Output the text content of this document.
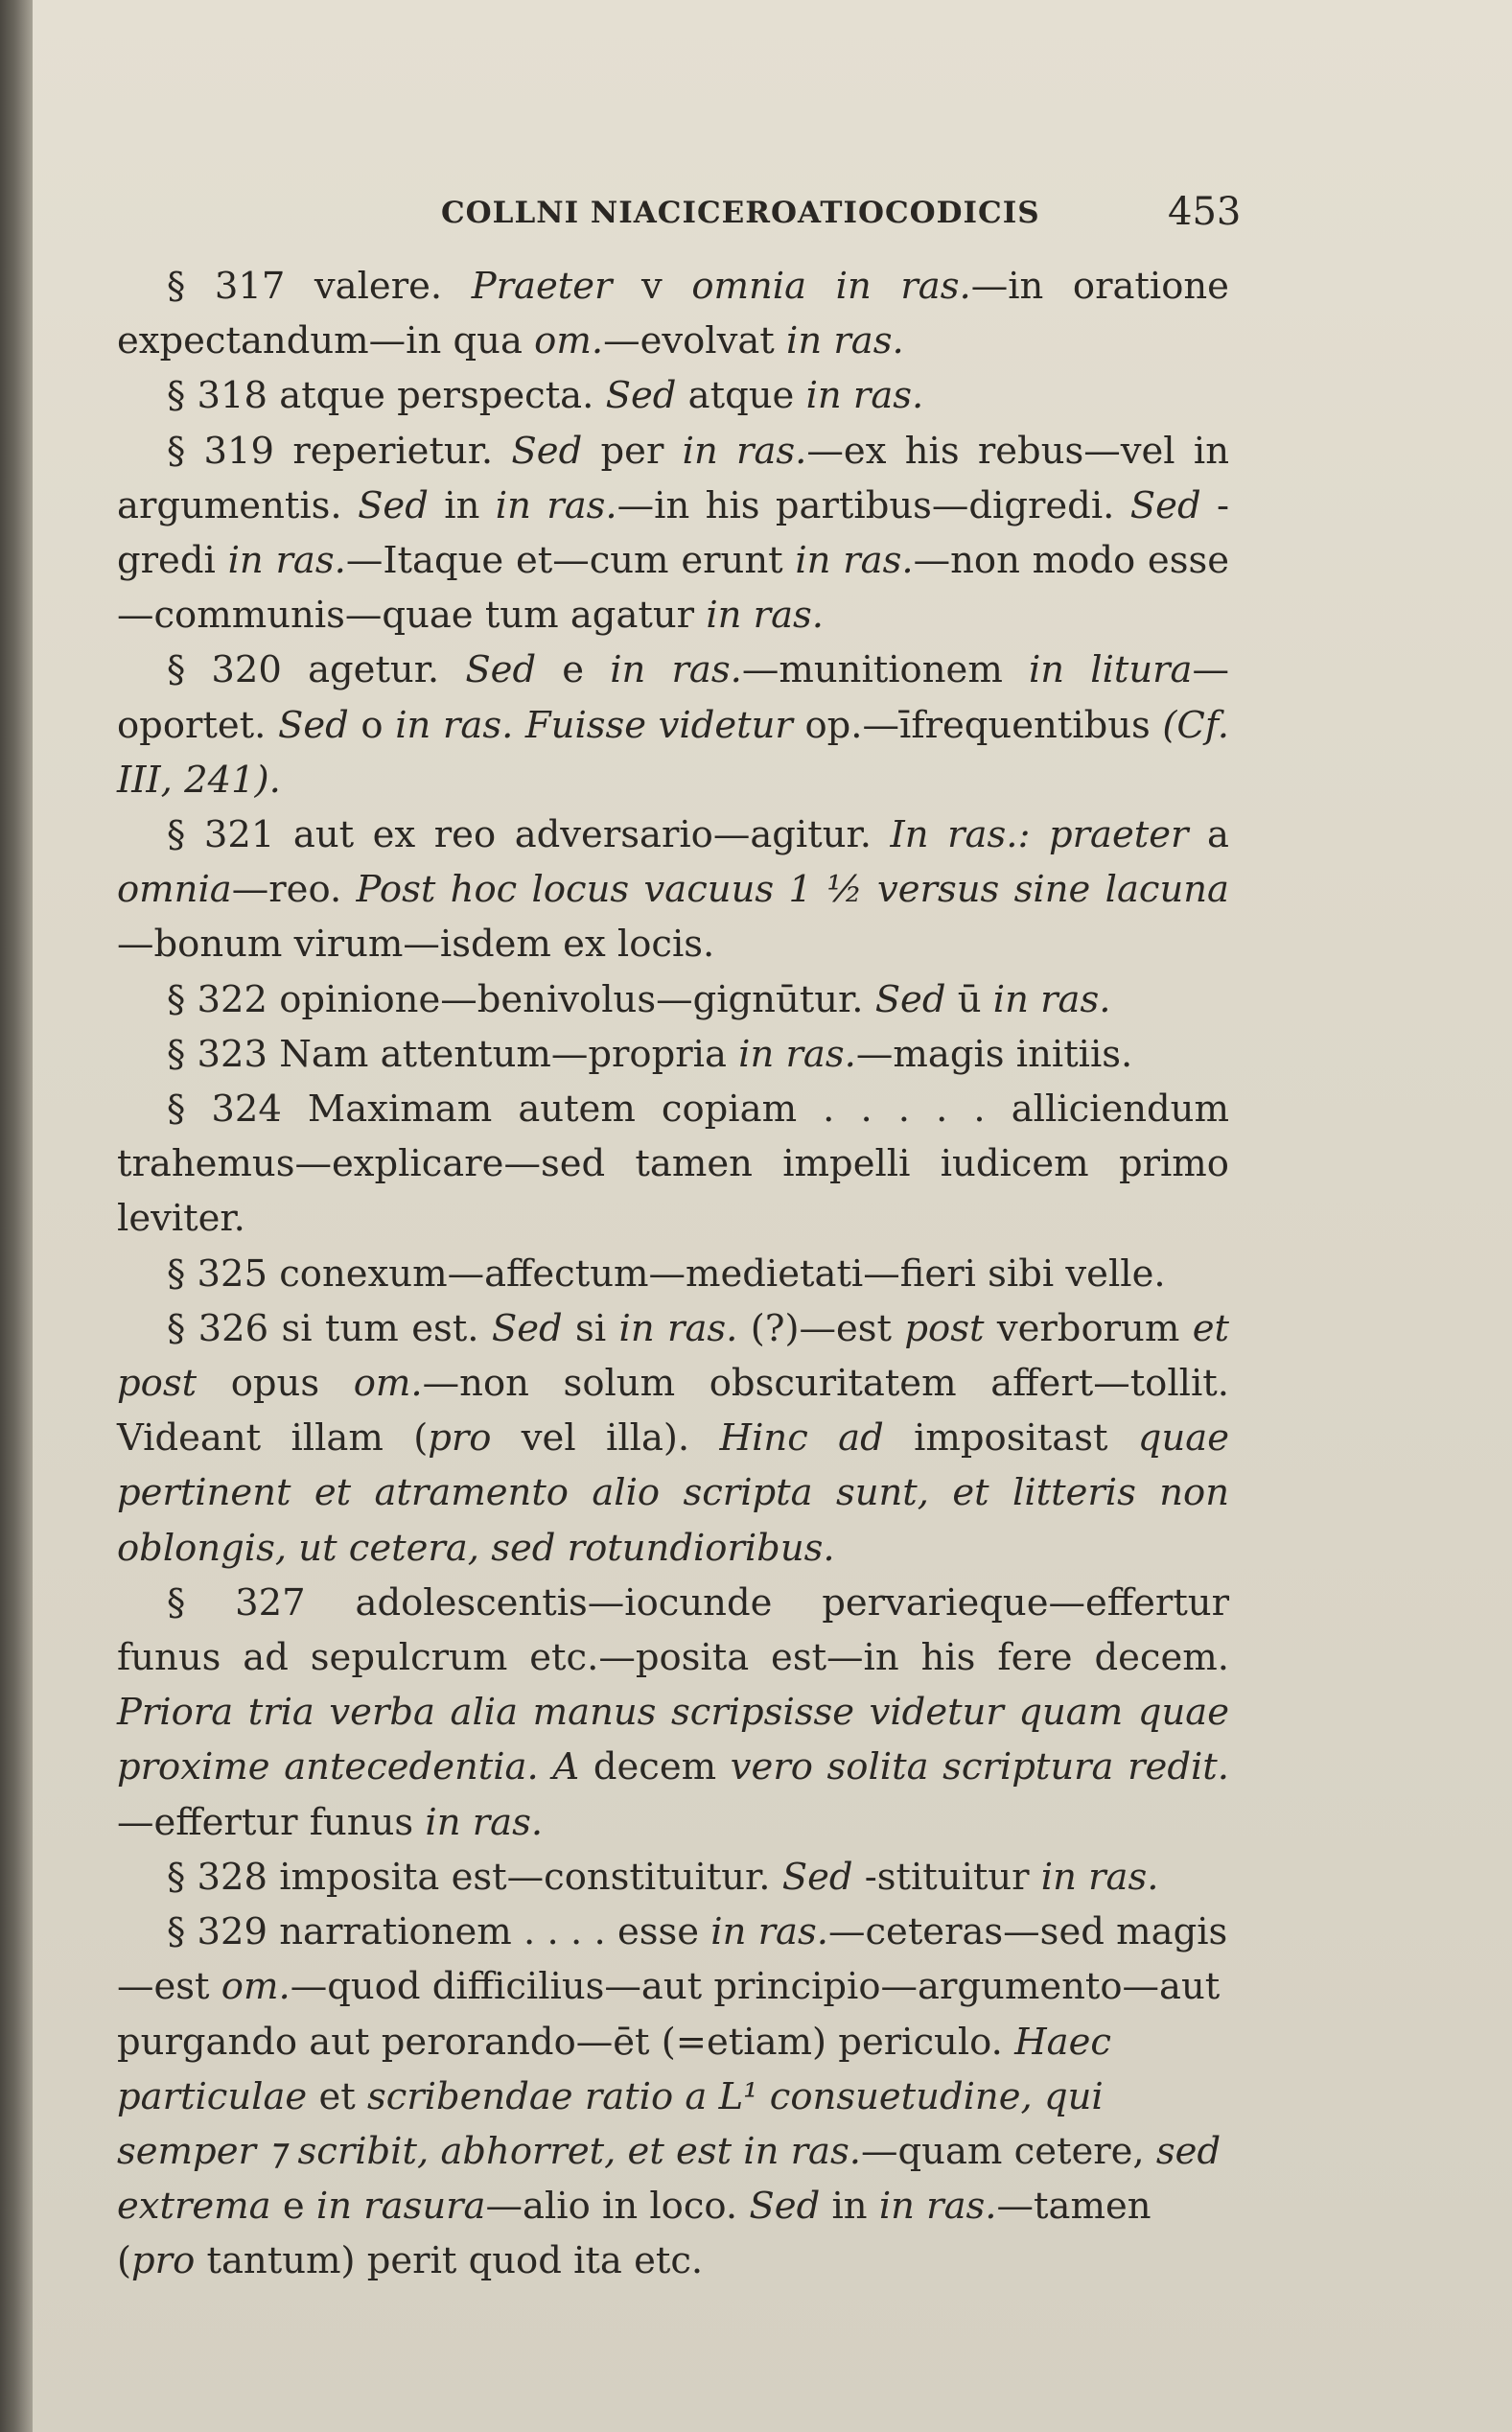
COLLNI NIACICEROATIOCODICIS	453

§ 317 valere. Praeter v omnia in ras.—in oratione expectandum—in qua om.—evolvat in ras.

§ 318 atque perspecta. Sed atque in ras.

§ 319 reperietur. Sed per in ras.—ex his rebus—vel in argumentis. Sed in in ras.—in his partibus—digredi. Sed -gredi in ras.—Itaque et—cum erunt in ras.—non modo esse—communis—quae tum agatur in ras.

§ 320 agetur. Sed e in ras.—munitionem in litura—oportet. Sed o in ras. Fuisse videtur op.—īfrequentibus (Cf. III, 241).

§ 321 aut ex reo adversario—agitur. In ras.: praeter a omnia—reo. Post hoc locus vacuus 1 ½ versus sine lacuna—bonum virum—isdem ex locis.

§ 322 opinione—benivolus—gignūtur. Sed ū in ras.

§ 323 Nam attentum—propria in ras.—magis initiis.

§ 324 Maximam autem copiam . . . . . alliciendum trahemus—explicare—sed tamen impelli iudicem primo leviter.

§ 325 conexum—affectum—medietati—fieri sibi velle.

§ 326 si tum est. Sed si in ras. (?)—est post verborum et post opus om.—non solum obscuritatem affert—tollit. Videant illam (pro vel illa). Hinc ad impositast quae pertinent et atramento alio scripta sunt, et litteris non oblongis, ut cetera, sed rotundioribus.

§ 327 adolescentis—iocunde pervarieque—effertur funus ad sepulcrum etc.—posita est—in his fere decem. Priora tria verba alia manus scripsisse videtur quam quae proxime antecedentia. A decem vero solita scriptura redit.—effertur funus in ras.

§ 328 imposita est—constituitur. Sed -stituitur in ras.

§ 329 narrationem . . . . esse in ras.—ceteras—sed magis—est om.—quod difficilius—aut principio—argumento—aut purgando aut perorando—ēt (=etiam) periculo. Haec particulae et scribendae ratio a L¹ consuetudine, qui semper ⁊ scribit, abhorret, et est in ras.—quam cetere, sed extrema e in rasura—alio in loco. Sed in in ras.—tamen (pro tantum) perit quod ita etc.
